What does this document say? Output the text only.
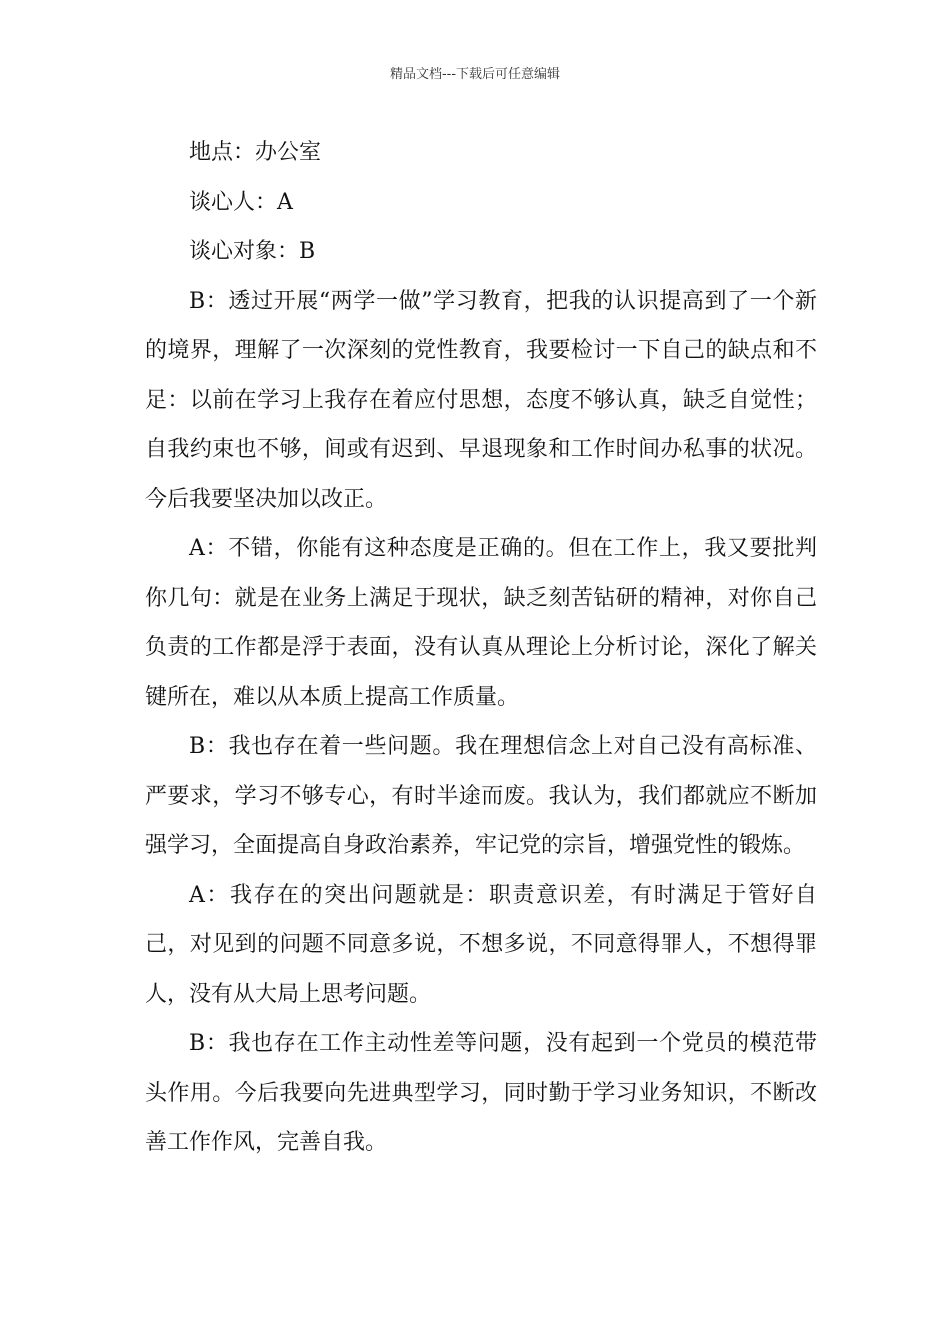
精品文档---下载后可任意编辑

地点：办公室

谈心人：A

谈心对象：B

B：透过开展“两学一做”学习教育，把我的认识提高到了一个新的境界，理解了一次深刻的党性教育，我要检讨一下自己的缺点和不足：以前在学习上我存在着应付思想，态度不够认真，缺乏自觉性；自我约束也不够，间或有迟到、早退现象和工作时间办私事的状况。今后我要坚决加以改正。

A：不错，你能有这种态度是正确的。但在工作上，我又要批判你几句：就是在业务上满足于现状，缺乏刻苦钻研的精神，对你自己负责的工作都是浮于表面，没有认真从理论上分析讨论，深化了解关键所在，难以从本质上提高工作质量。

B：我也存在着一些问题。我在理想信念上对自己没有高标准、严要求，学习不够专心，有时半途而废。我认为，我们都就应不断加强学习，全面提高自身政治素养，牢记党的宗旨，增强党性的锻炼。

A：我存在的突出问题就是：职责意识差，有时满足于管好自己，对见到的问题不同意多说，不想多说，不同意得罪人，不想得罪人，没有从大局上思考问题。

B：我也存在工作主动性差等问题，没有起到一个党员的模范带头作用。今后我要向先进典型学习，同时勤于学习业务知识，不断改善工作作风，完善自我。
